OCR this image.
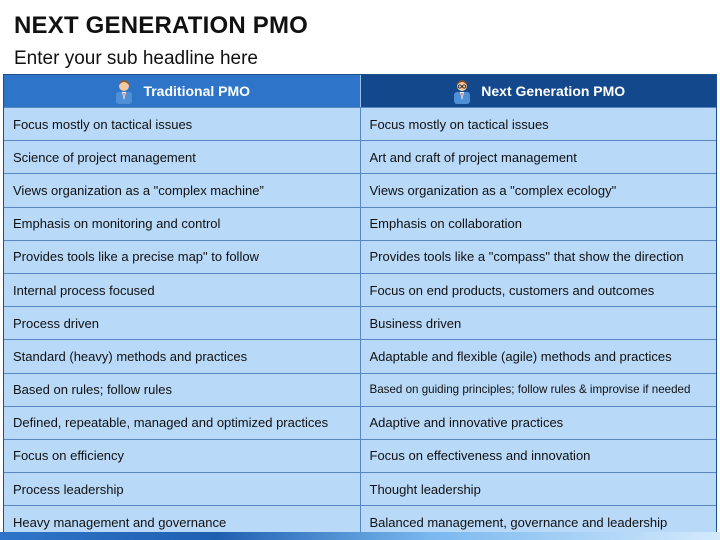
NEXT GENERATION PMO
Enter your sub headline here
Traditional PMO	Next Generation PMO
Focus mostly on tactical issues	Focus mostly on tactical issues
Science of project management	Art and craft of project management
Views organization as a "complex machine”	Views organization as a "complex ecology"
Emphasis on monitoring and control	Emphasis on collaboration
Provides tools like a precise map" to follow	Provides tools like a "compass" that show the direction
Internal process focused	Focus on end products, customers and outcomes
Process driven	Business driven
Standard (heavy) methods and practices	Adaptable and flexible (agile) methods and practices
Based on rules; follow rules	Based on guiding principles; follow rules & improvise if needed
Defined, repeatable, managed and optimized practices	Adaptive and innovative practices
Focus on efficiency	Focus on effectiveness and innovation
Process leadership	Thought leadership
Heavy management and governance	Balanced management, governance and leadership
